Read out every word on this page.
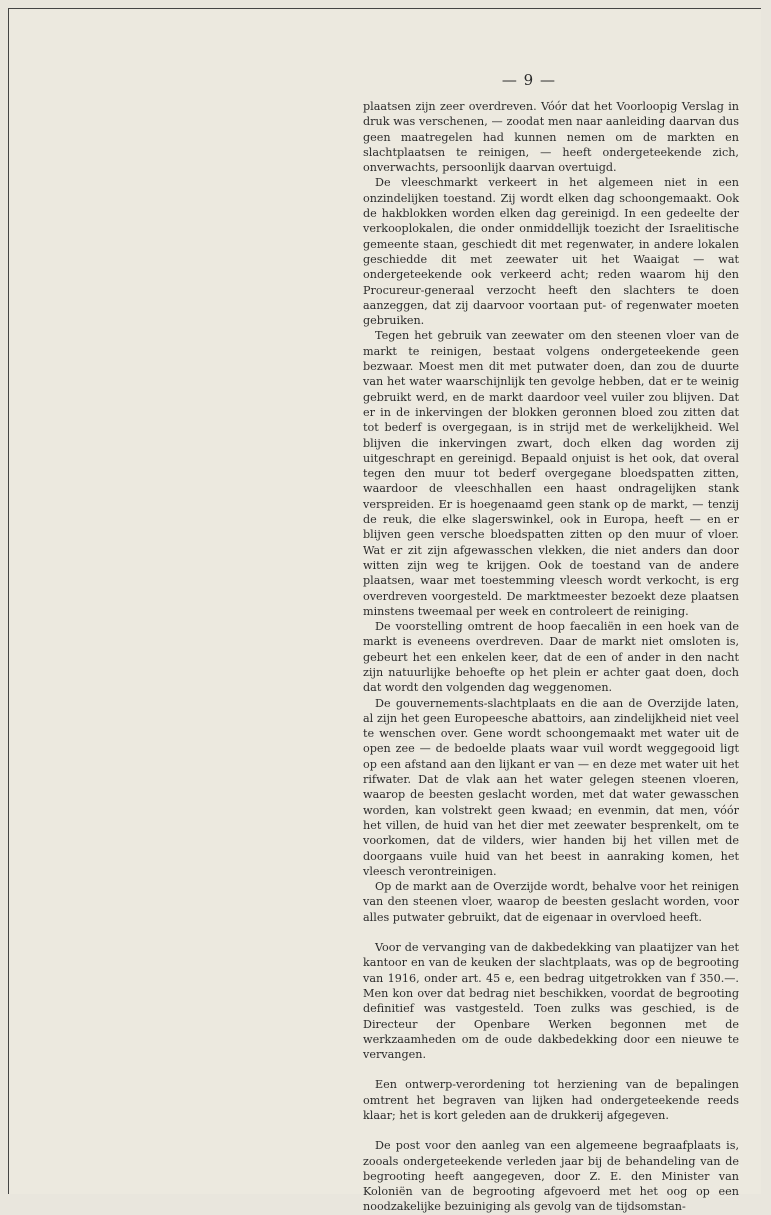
— 9 —

plaatsen zijn zeer overdreven. Vóór dat het Voorloopig Verslag in druk was verschenen, — zoodat men naar aanleiding daarvan dus geen maatregelen had kunnen nemen om de markten en slachtplaatsen te reinigen, — heeft ondergeteekende zich, onverwachts, persoonlijk daarvan overtuigd.

De vleeschmarkt verkeert in het algemeen niet in een onzindelijken toestand. Zij wordt elken dag schoongemaakt. Ook de hakblokken worden elken dag gereinigd. In een gedeelte der verkooplokalen, die onder onmiddellijk toezicht der Israelitische gemeente staan, geschiedt dit met regenwater, in andere lokalen geschiedde dit met zeewater uit het Waaigat — wat ondergeteekende ook verkeerd acht; reden waarom hij den Procureur-generaal verzocht heeft den slachters te doen aanzeggen, dat zij daarvoor voortaan put- of regenwater moeten gebruiken.

Tegen het gebruik van zeewater om den steenen vloer van de markt te reinigen, bestaat volgens ondergeteekende geen bezwaar. Moest men dit met putwater doen, dan zou de duurte van het water waarschijnlijk ten gevolge hebben, dat er te weinig gebruikt werd, en de markt daardoor veel vuiler zou blijven. Dat er in de inkervingen der blokken geronnen bloed zou zitten dat tot bederf is overgegaan, is in strijd met de werkelijkheid. Wel blijven die inkervingen zwart, doch elken dag worden zij uitgeschrapt en gereinigd. Bepaald onjuist is het ook, dat overal tegen den muur tot bederf overgegane bloedspatten zitten, waardoor de vleeschhallen een haast ondragelijken stank verspreiden. Er is hoegenaamd geen stank op de markt, — tenzij de reuk, die elke slagerswinkel, ook in Europa, heeft — en er blijven geen versche bloedspatten zitten op den muur of vloer. Wat er zit zijn afgewasschen vlekken, die niet anders dan door witten zijn weg te krijgen. Ook de toestand van de andere plaatsen, waar met toestemming vleesch wordt verkocht, is erg overdreven voorgesteld. De marktmeester bezoekt deze plaatsen minstens tweemaal per week en controleert de reiniging.

De voorstelling omtrent de hoop faecaliën in een hoek van de markt is eveneens overdreven. Daar de markt niet omsloten is, gebeurt het een enkelen keer, dat de een of ander in den nacht zijn natuurlijke behoefte op het plein er achter gaat doen, doch dat wordt den volgenden dag weggenomen.

De gouvernements-slachtplaats en die aan de Overzijde laten, al zijn het geen Europeesche abattoirs, aan zindelijkheid niet veel te wenschen over. Gene wordt schoongemaakt met water uit de open zee — de bedoelde plaats waar vuil wordt weggegooid ligt op een afstand aan den lijkant er van — en deze met water uit het rifwater. Dat de vlak aan het water gelegen steenen vloeren, waarop de beesten geslacht worden, met dat water gewasschen worden, kan volstrekt geen kwaad; en evenmin, dat men, vóór het villen, de huid van het dier met zeewater besprenkelt, om te voorkomen, dat de vilders, wier handen bij het villen met de doorgaans vuile huid van het beest in aanraking komen, het vleesch verontreinigen.

Op de markt aan de Overzijde wordt, behalve voor het reinigen van den steenen vloer, waarop de beesten geslacht worden, voor alles putwater gebruikt, dat de eigenaar in overvloed heeft.

Voor de vervanging van de dakbedekking van plaatijzer van het kantoor en van de keuken der slachtplaats, was op de begrooting van 1916, onder art. 45 e, een bedrag uitgetrokken van f 350.—. Men kon over dat bedrag niet beschikken, voordat de begrooting definitief was vastgesteld. Toen zulks was geschied, is de Directeur der Openbare Werken begonnen met de werkzaamheden om de oude dakbedekking door een nieuwe te vervangen.

Een ontwerp-verordening tot herziening van de bepalingen omtrent het begraven van lijken had ondergeteekende reeds klaar; het is kort geleden aan de drukkerij afgegeven.

De post voor den aanleg van een algemeene begraafplaats is, zooals ondergeteekende verleden jaar bij de behandeling van de begrooting heeft aangegeven, door Z. E. den Minister van Koloniën van de begrooting afgevoerd met het oog op een noodzakelijke bezuiniging als gevolg van de tijdsomstan-
